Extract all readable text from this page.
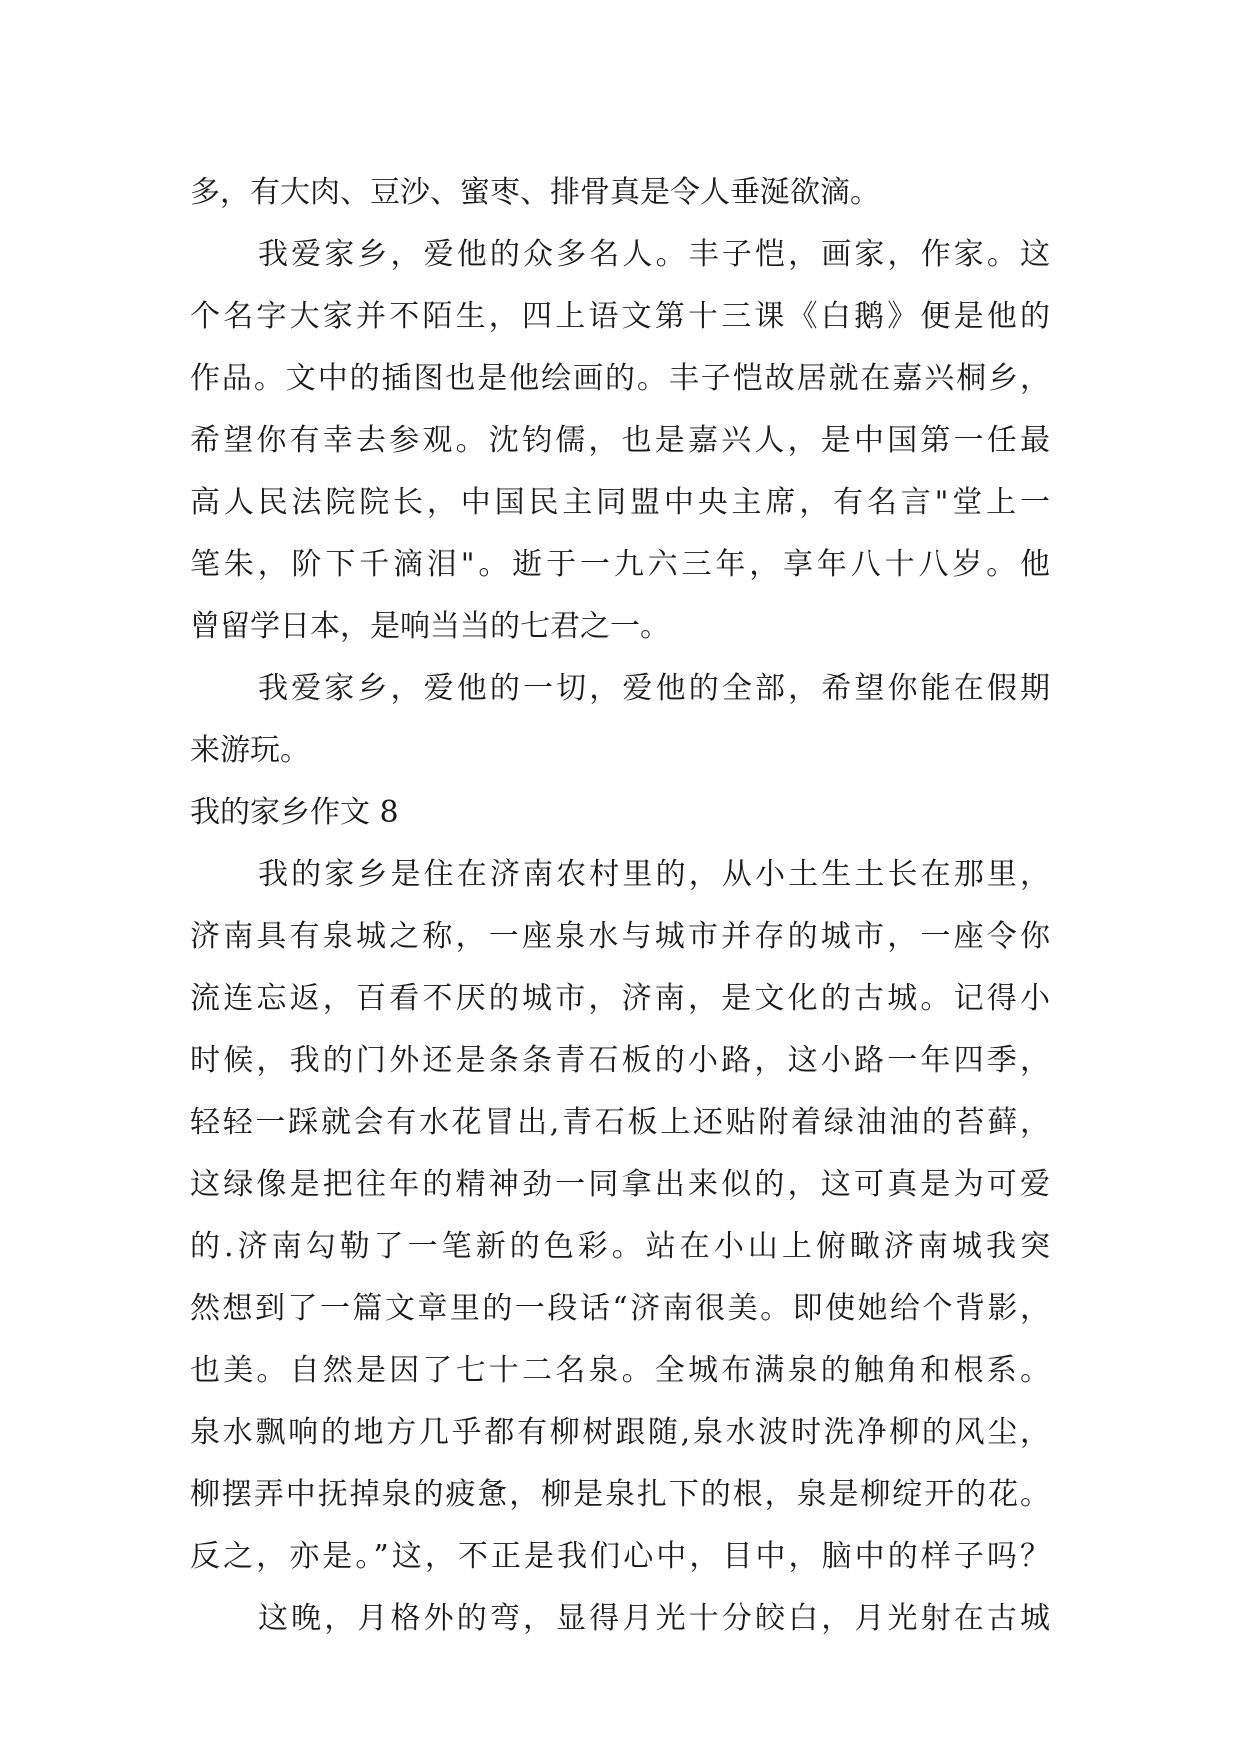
多，有大肉、豆沙、蜜枣、排骨真是令人垂涎欲滴。
我爱家乡，爱他的众多名人。丰子恺，画家，作家。这
个名字大家并不陌生，四上语文第十三课《白鹅》便是他的
作品。文中的插图也是他绘画的。丰子恺故居就在嘉兴桐乡，
希望你有幸去参观。沈钧儒，也是嘉兴人，是中国第一任最
高人民法院院长，中国民主同盟中央主席，有名言"堂上一
笔朱，阶下千滴泪"。逝于一九六三年，享年八十八岁。他
曾留学日本，是响当当的七君之一。
我爱家乡，爱他的一切，爱他的全部，希望你能在假期
来游玩。
我的家乡作文 8
我的家乡是住在济南农村里的，从小土生土长在那里，
济南具有泉城之称，一座泉水与城市并存的城市，一座令你
流连忘返，百看不厌的城市，济南，是文化的古城。记得小
时候，我的门外还是条条青石板的小路，这小路一年四季，
轻轻一踩就会有水花冒出,青石板上还贴附着绿油油的苔藓，
这绿像是把往年的精神劲一同拿出来似的，这可真是为可爱
的.济南勾勒了一笔新的色彩。站在小山上俯瞰济南城我突
然想到了一篇文章里的一段话“济南很美。即使她给个背影，
也美。自然是因了七十二名泉。全城布满泉的触角和根系。
泉水飘响的地方几乎都有柳树跟随,泉水波时洗净柳的风尘，
柳摆弄中抚掉泉的疲惫，柳是泉扎下的根，泉是柳绽开的花。
反之，亦是。”这，不正是我们心中，目中，脑中的样子吗？
这晚，月格外的弯，显得月光十分皎白，月光射在古城
